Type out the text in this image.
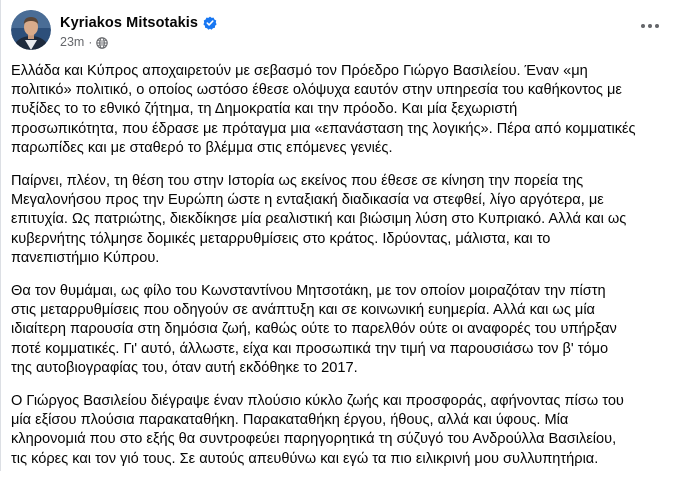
Kyriakos Mitsotakis
23m ·

Ελλάδα και Κύπρος αποχαιρετούν με σεβασμό τον Πρόεδρο Γιώργο Βασιλείου. Έναν «μη
πολιτικό» πολιτικό, ο οποίος ωστόσο έθεσε ολόψυχα εαυτόν στην υπηρεσία του καθήκοντος με
πυξίδες το το εθνικό ζήτημα, τη Δημοκρατία και την πρόοδο. Και μία ξεχωριστή
προσωπικότητα, που έδρασε με πρόταγμα μια «επανάσταση της λογικής». Πέρα από κομματικές
παρωπίδες και με σταθερό το βλέμμα στις επόμενες γενιές.

Παίρνει, πλέον, τη θέση του στην Ιστορία ως εκείνος που έθεσε σε κίνηση την πορεία της
Μεγαλονήσου προς την Ευρώπη ώστε η ενταξιακή διαδικασία να στεφθεί, λίγο αργότερα, με
επιτυχία. Ως πατριώτης, διεκδίκησε μία ρεαλιστική και βιώσιμη λύση στο Κυπριακό. Αλλά και ως
κυβερνήτης τόλμησε δομικές μεταρρυθμίσεις στο κράτος. Ιδρύοντας, μάλιστα, και το
πανεπιστήμιο Κύπρου.

Θα τον θυμάμαι, ως φίλο του Κωνσταντίνου Μητσοτάκη, με τον οποίον μοιραζόταν την πίστη
στις μεταρρυθμίσεις που οδηγούν σε ανάπτυξη και σε κοινωνική ευημερία. Αλλά και ως μία
ιδιαίτερη παρουσία στη δημόσια ζωή, καθώς ούτε το παρελθόν ούτε οι αναφορές του υπήρξαν
ποτέ κομματικές. Γι' αυτό, άλλωστε, είχα και προσωπικά την τιμή να παρουσιάσω τον β' τόμο
της αυτοβιογραφίας του, όταν αυτή εκδόθηκε το 2017.

Ο Γιώργος Βασιλείου διέγραψε έναν πλούσιο κύκλο ζωής και προσφοράς, αφήνοντας πίσω του
μία εξίσου πλούσια παρακαταθήκη. Παρακαταθήκη έργου, ήθους, αλλά και ύφους. Μία
κληρονομιά που στο εξής θα συντροφεύει παρηγορητικά τη σύζυγό του Ανδρούλλα Βασιλείου,
τις κόρες και τον γιό τους. Σε αυτούς απευθύνω και εγώ τα πιο ειλικρινή μου συλλυπητήρια.
